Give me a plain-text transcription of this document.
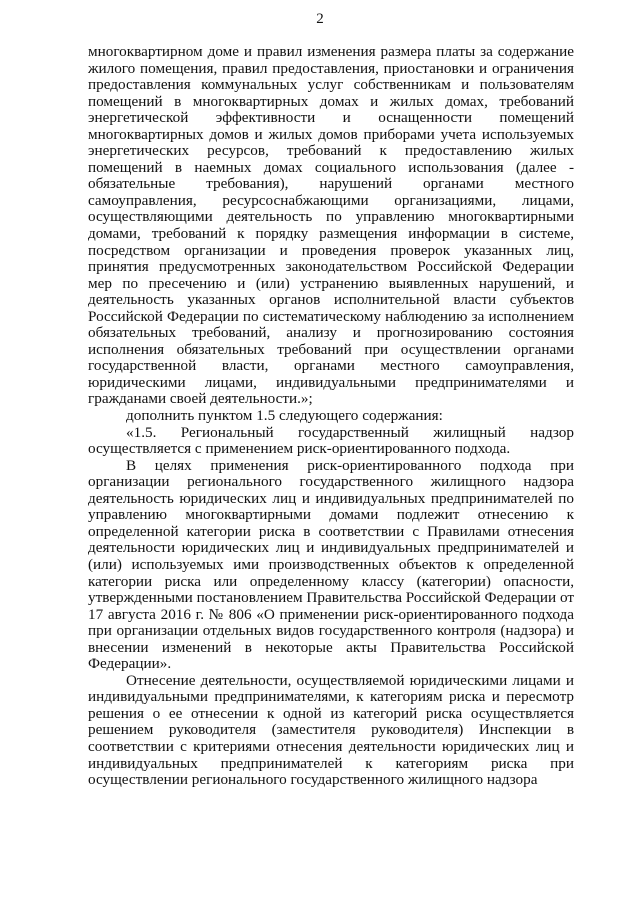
2

многоквартирном доме и правил изменения размера платы за содержание жилого помещения, правил предоставления, приостановки и ограничения предоставления коммунальных услуг собственникам и пользователям помещений в многоквартирных домах и жилых домах, требований энергетической эффективности и оснащенности помещений многоквартирных домов и жилых домов приборами учета используемых энергетических ресурсов, требований к предоставлению жилых помещений в наемных домах социального использования (далее - обязательные требования), нарушений органами местного самоуправления, ресурсоснабжающими организациями, лицами, осуществляющими деятельность по управлению многоквартирными домами, требований к порядку размещения информации в системе, посредством организации и проведения проверок указанных лиц, принятия предусмотренных законодательством Российской Федерации мер по пресечению и (или) устранению выявленных нарушений, и деятельность указанных органов исполнительной власти субъектов Российской Федерации по систематическому наблюдению за исполнением обязательных требований, анализу и прогнозированию состояния исполнения обязательных требований при осуществлении органами государственной власти, органами местного самоуправления, юридическими лицами, индивидуальными предпринимателями и гражданами своей деятельности.»;

дополнить пунктом 1.5 следующего содержания:

«1.5. Региональный государственный жилищный надзор осуществляется с применением риск-ориентированного подхода.

В целях применения риск-ориентированного подхода при организации регионального государственного жилищного надзора деятельность юридических лиц и индивидуальных предпринимателей по управлению многоквартирными домами подлежит отнесению к определенной категории риска в соответствии с Правилами отнесения деятельности юридических лиц и индивидуальных предпринимателей и (или) используемых ими производственных объектов к определенной категории риска или определенному классу (категории) опасности, утвержденными постановлением Правительства Российской Федерации от 17 августа 2016 г. № 806 «О применении риск-ориентированного подхода при организации отдельных видов государственного контроля (надзора) и внесении изменений в некоторые акты Правительства Российской Федерации».

Отнесение деятельности, осуществляемой юридическими лицами и индивидуальными предпринимателями, к категориям риска и пересмотр решения о ее отнесении к одной из категорий риска осуществляется решением руководителя (заместителя руководителя) Инспекции в соответствии с критериями отнесения деятельности юридических лиц и индивидуальных предпринимателей к категориям риска при осуществлении регионального государственного жилищного надзора
